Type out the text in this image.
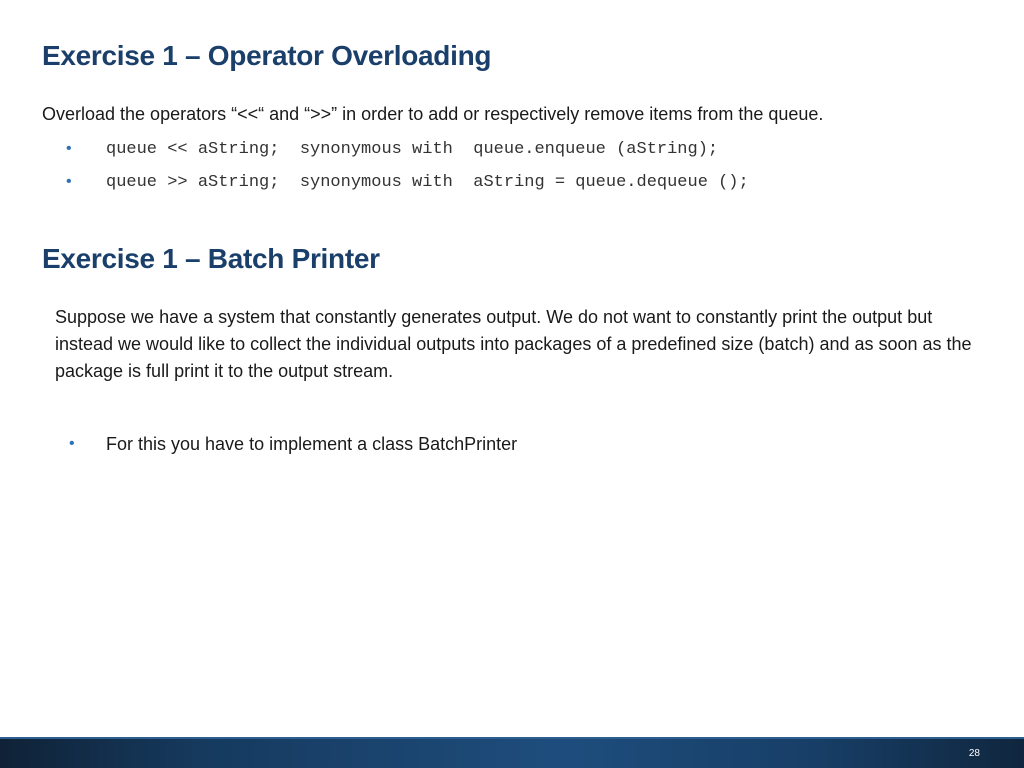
Exercise 1 – Operator Overloading
Overload the operators “<<“ and “>>” in order to add or respectively remove items from the queue.
• queue << aString;  synonymous with  queue.enqueue (aString);
• queue >> aString;  synonymous with  aString = queue.dequeue ();
Exercise 1 – Batch Printer

Suppose we have a system that constantly generates output. We do not want to constantly print the output but instead we would like to collect the individual outputs into packages of a predefined size (batch) and as soon as the package is full print it to the output stream.

• For this you have to implement a class BatchPrinter
28
